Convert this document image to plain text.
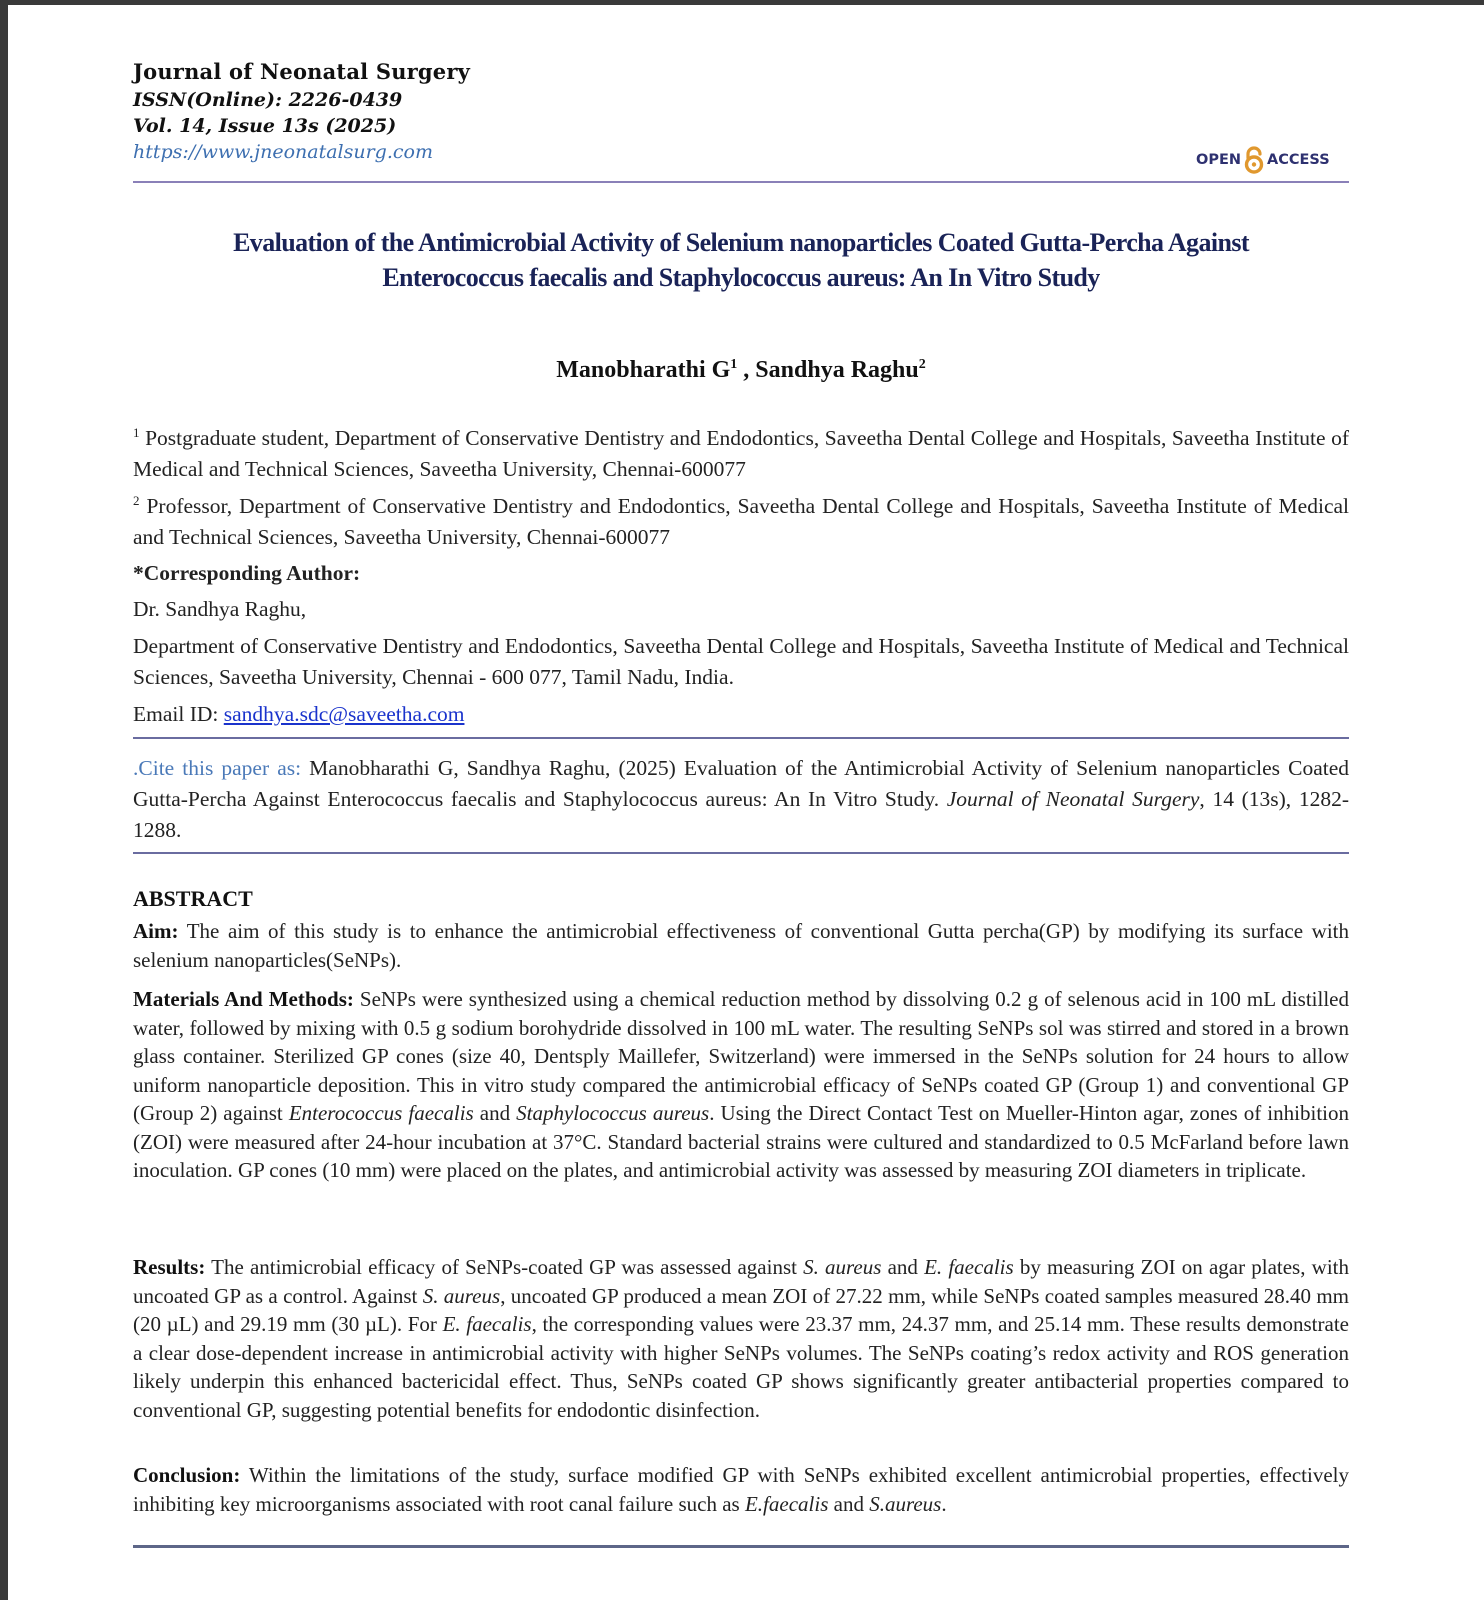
Journal of Neonatal Surgery
ISSN(Online): 2226-0439
Vol. 14, Issue 13s (2025)
https://www.jneonatalsurg.com	OPEN ACCESS
Evaluation of the Antimicrobial Activity of Selenium nanoparticles Coated Gutta-Percha Against
Enterococcus faecalis and Staphylococcus aureus: An In Vitro Study
Manobharathi $G^1$ , Sandhya Raghu$^2$
$^1$ Postgraduate student, Department of Conservative Dentistry and Endodontics, Saveetha Dental College and Hospitals, Saveetha Institute of Medical and Technical Sciences, Saveetha University, Chennai-600077
$^2$ Professor, Department of Conservative Dentistry and Endodontics, Saveetha Dental College and Hospitals, Saveetha Institute of Medical and Technical Sciences, Saveetha University, Chennai-600077
*Corresponding Author:
Dr. Sandhya Raghu,
Department of Conservative Dentistry and Endodontics, Saveetha Dental College and Hospitals, Saveetha Institute of Medical and Technical Sciences, Saveetha University, Chennai - 600 077, Tamil Nadu, India.
Email ID: sandhya.sdc@saveetha.com
.Cite this paper as: Manobharathi G, Sandhya Raghu, (2025) Evaluation of the Antimicrobial Activity of Selenium nanoparticles Coated Gutta-Percha Against Enterococcus faecalis and Staphylococcus aureus: An In Vitro Study. Journal of Neonatal Surgery, 14 (13s), 1282-1288.
ABSTRACT
Aim: The aim of this study is to enhance the antimicrobial effectiveness of conventional Gutta percha(GP) by modifying its surface with selenium nanoparticles(SeNPs).
Materials And Methods: SeNPs were synthesized using a chemical reduction method by dissolving 0.2 g of selenous acid in 100 mL distilled water, followed by mixing with 0.5 g sodium borohydride dissolved in 100 mL water. The resulting SeNPs sol was stirred and stored in a brown glass container. Sterilized GP cones (size 40, Dentsply Maillefer, Switzerland) were immersed in the SeNPs solution for 24 hours to allow uniform nanoparticle deposition. This in vitro study compared the antimicrobial efficacy of SeNPs coated GP (Group 1) and conventional GP (Group 2) against Enterococcus faecalis and Staphylococcus aureus. Using the Direct Contact Test on Mueller-Hinton agar, zones of inhibition (ZOI) were measured after 24-hour incubation at 37°C. Standard bacterial strains were cultured and standardized to 0.5 McFarland before lawn inoculation. GP cones (10 mm) were placed on the plates, and antimicrobial activity was assessed by measuring ZOI diameters in triplicate.
Results: The antimicrobial efficacy of SeNPs-coated GP was assessed against S. aureus and E. faecalis by measuring ZOI on agar plates, with uncoated GP as a control. Against S. aureus, uncoated GP produced a mean ZOI of 27.22 mm, while SeNPs coated samples measured 28.40 mm (20 µL) and 29.19 mm (30 µL). For E. faecalis, the corresponding values were 23.37 mm, 24.37 mm, and 25.14 mm. These results demonstrate a clear dose-dependent increase in antimicrobial activity with higher SeNPs volumes. The SeNPs coating’s redox activity and ROS generation likely underpin this enhanced bactericidal effect. Thus, SeNPs coated GP shows significantly greater antibacterial properties compared to conventional GP, suggesting potential benefits for endodontic disinfection.
Conclusion: Within the limitations of the study, surface modified GP with SeNPs exhibited excellent antimicrobial properties, effectively inhibiting key microorganisms associated with root canal failure such as E.faecalis and S.aureus.
